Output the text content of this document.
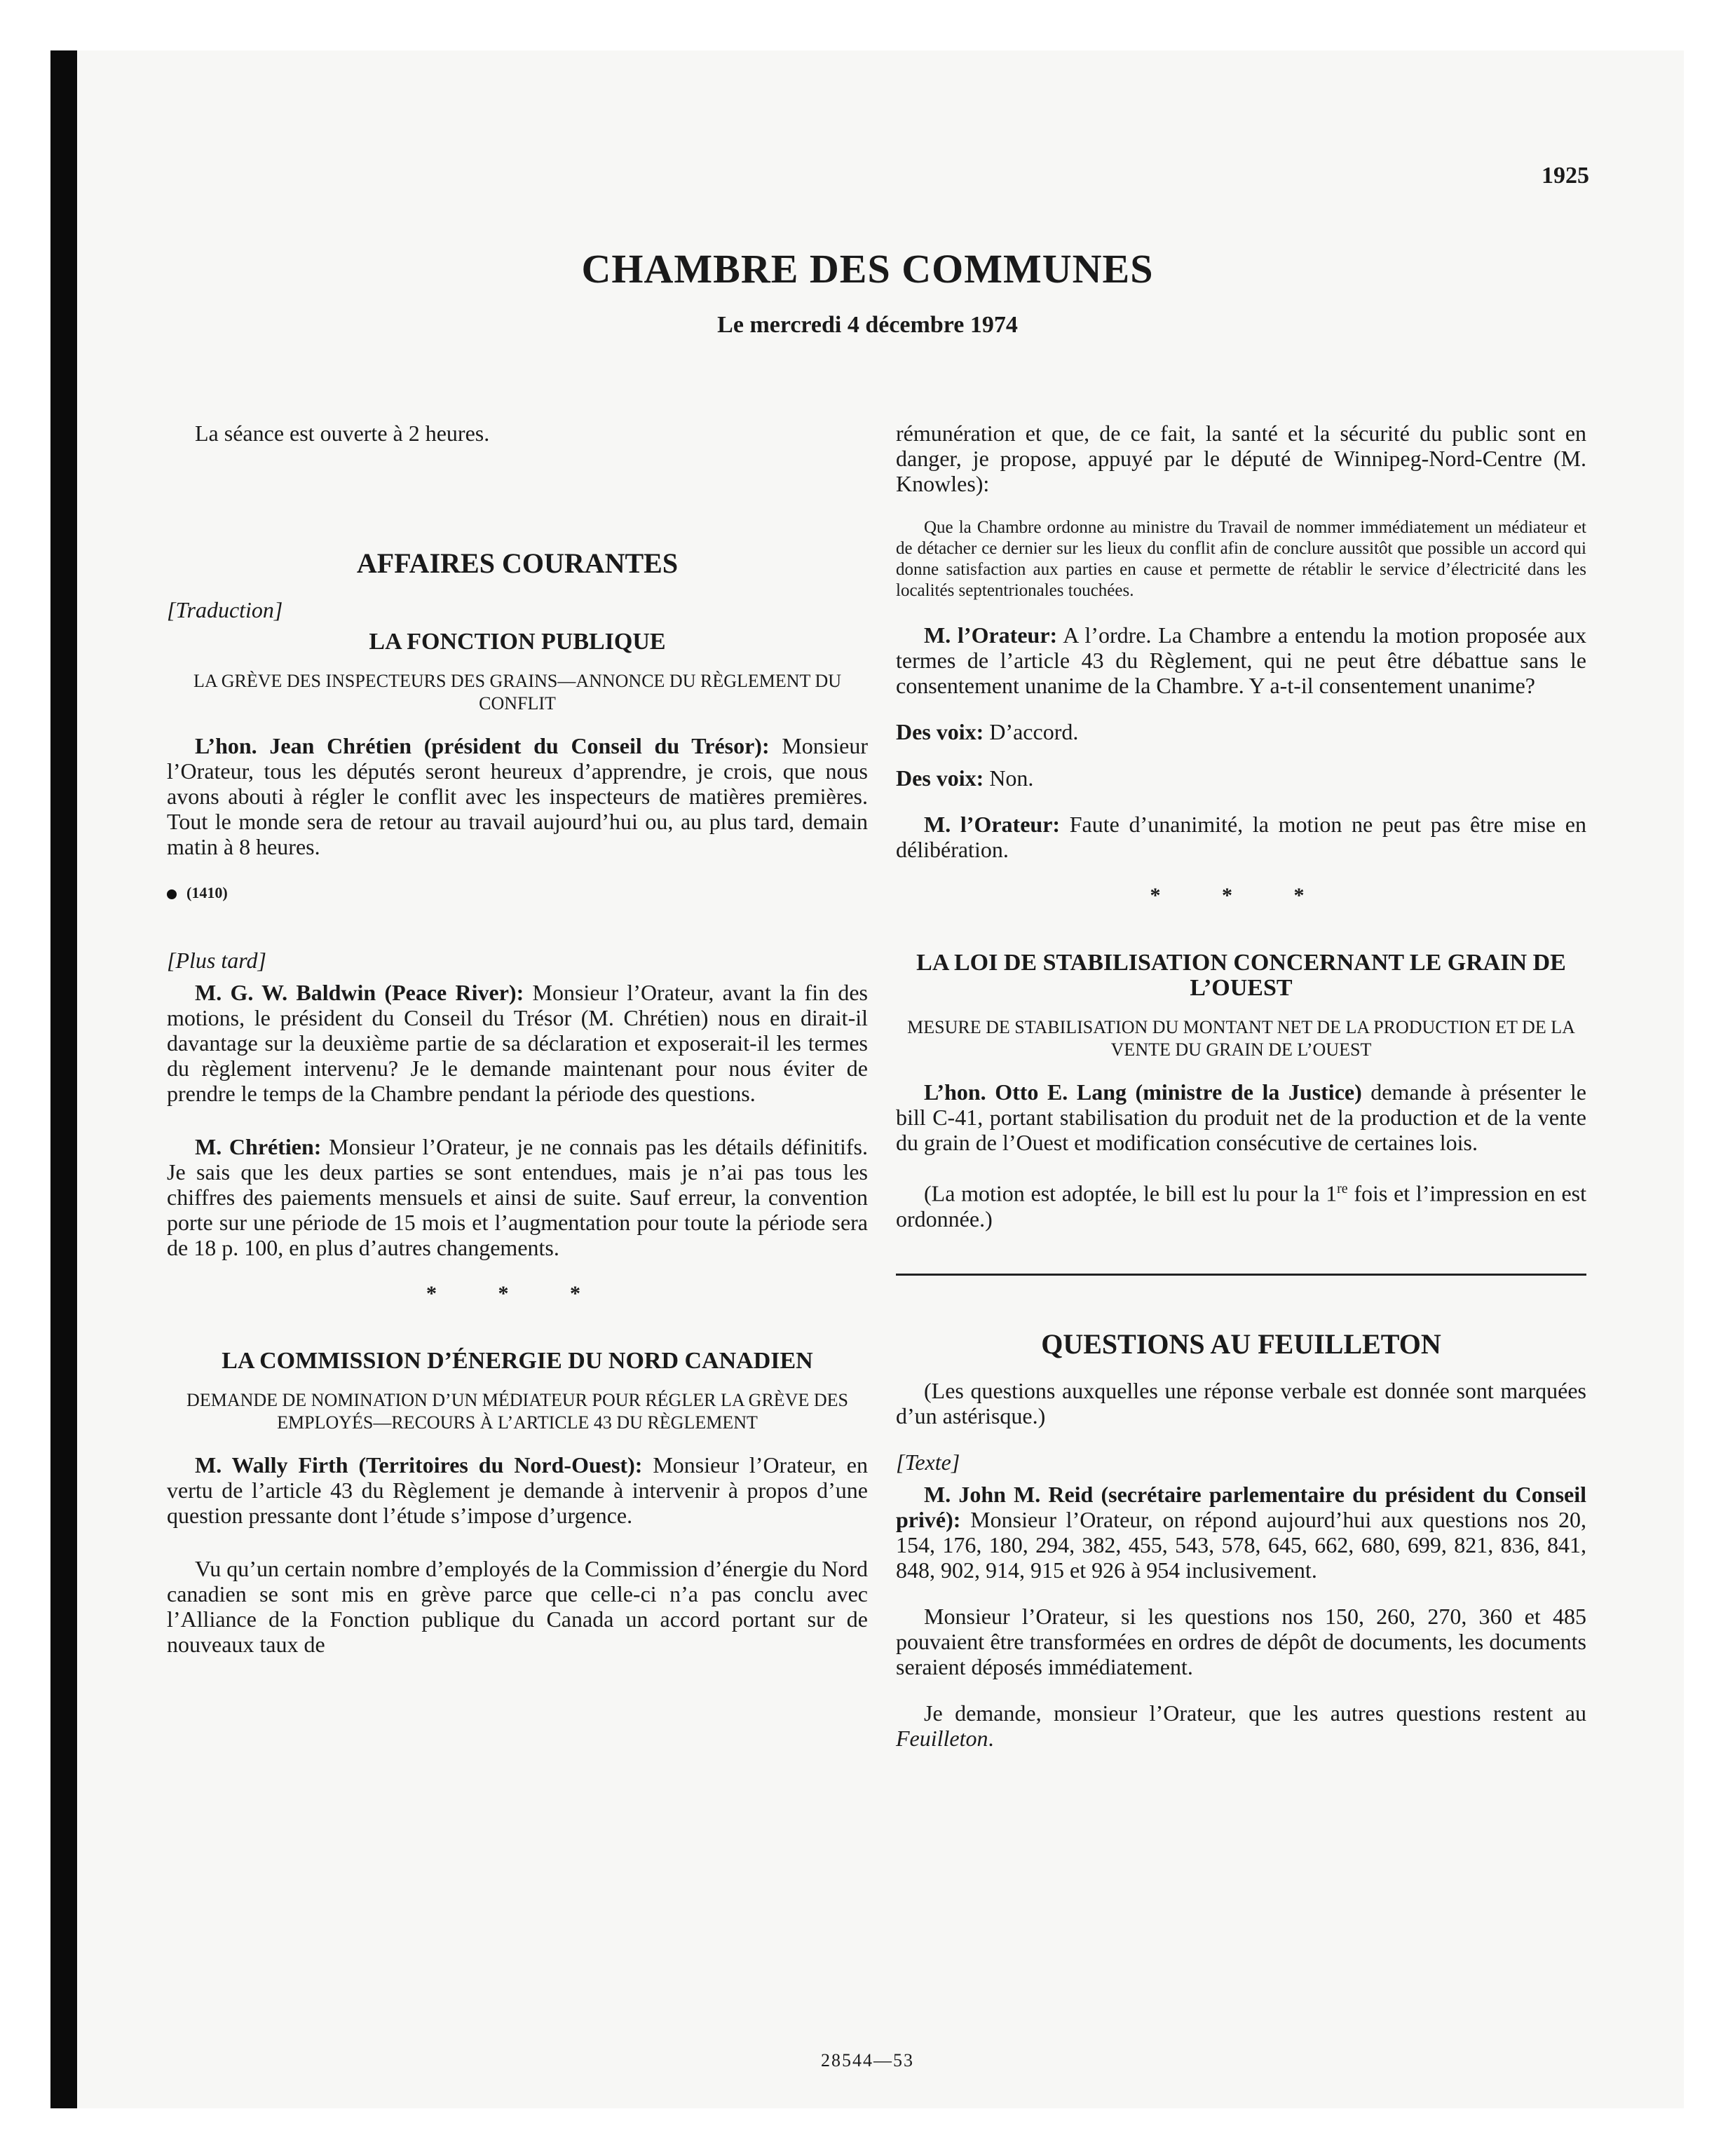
1925
CHAMBRE DES COMMUNES
Le mercredi 4 décembre 1974

La séance est ouverte à 2 heures.

AFFAIRES COURANTES
[Traduction]
LA FONCTION PUBLIQUE
LA GRÈVE DES INSPECTEURS DES GRAINS—ANNONCE DU RÈGLEMENT DU CONFLIT

L’hon. Jean Chrétien (président du Conseil du Trésor): Monsieur l’Orateur, tous les députés seront heureux d’apprendre, je crois, que nous avons abouti à régler le conflit avec les inspecteurs de matières premières. Tout le monde sera de retour au travail aujourd’hui ou, au plus tard, demain matin à 8 heures.

(1410)
[Plus tard]

M. G. W. Baldwin (Peace River): Monsieur l’Orateur, avant la fin des motions, le président du Conseil du Trésor (M. Chrétien) nous en dirait-il davantage sur la deuxième partie de sa déclaration et exposerait-il les termes du règlement intervenu? Je le demande maintenant pour nous éviter de prendre le temps de la Chambre pendant la période des questions.

M. Chrétien: Monsieur l’Orateur, je ne connais pas les détails définitifs. Je sais que les deux parties se sont entendues, mais je n’ai pas tous les chiffres des paiements mensuels et ainsi de suite. Sauf erreur, la convention porte sur une période de 15 mois et l’augmentation pour toute la période sera de 18 p. 100, en plus d’autres changements.

* * *
LA COMMISSION D’ÉNERGIE DU NORD CANADIEN
DEMANDE DE NOMINATION D’UN MÉDIATEUR POUR RÉGLER LA GRÈVE DES EMPLOYÉS—RECOURS À L’ARTICLE 43 DU RÈGLEMENT

M. Wally Firth (Territoires du Nord-Ouest): Monsieur l’Orateur, en vertu de l’article 43 du Règlement je demande à intervenir à propos d’une question pressante dont l’étude s’impose d’urgence.

Vu qu’un certain nombre d’employés de la Commission d’énergie du Nord canadien se sont mis en grève parce que celle-ci n’a pas conclu avec l’Alliance de la Fonction publique du Canada un accord portant sur de nouveaux taux de

rémunération et que, de ce fait, la santé et la sécurité du public sont en danger, je propose, appuyé par le député de Winnipeg-Nord-Centre (M. Knowles):

Que la Chambre ordonne au ministre du Travail de nommer immédiatement un médiateur et de détacher ce dernier sur les lieux du conflit afin de conclure aussitôt que possible un accord qui donne satisfaction aux parties en cause et permette de rétablir le service d’électricité dans les localités septentrionales touchées.

M. l’Orateur: A l’ordre. La Chambre a entendu la motion proposée aux termes de l’article 43 du Règlement, qui ne peut être débattue sans le consentement unanime de la Chambre. Y a-t-il consentement unanime?

Des voix: D’accord.

Des voix: Non.

M. l’Orateur: Faute d’unanimité, la motion ne peut pas être mise en délibération.

* * *
LA LOI DE STABILISATION CONCERNANT LE GRAIN DE L’OUEST
MESURE DE STABILISATION DU MONTANT NET DE LA PRODUCTION ET DE LA VENTE DU GRAIN DE L’OUEST

L’hon. Otto E. Lang (ministre de la Justice) demande à présenter le bill C-41, portant stabilisation du produit net de la production et de la vente du grain de l’Ouest et modification consécutive de certaines lois.

(La motion est adoptée, le bill est lu pour la 1re fois et l’impression en est ordonnée.)

QUESTIONS AU FEUILLETON

(Les questions auxquelles une réponse verbale est donnée sont marquées d’un astérisque.)

[Texte]

M. John M. Reid (secrétaire parlementaire du président du Conseil privé): Monsieur l’Orateur, on répond aujourd’hui aux questions nos 20, 154, 176, 180, 294, 382, 455, 543, 578, 645, 662, 680, 699, 821, 836, 841, 848, 902, 914, 915 et 926 à 954 inclusivement.

Monsieur l’Orateur, si les questions nos 150, 260, 270, 360 et 485 pouvaient être transformées en ordres de dépôt de documents, les documents seraient déposés immédiatement.

Je demande, monsieur l’Orateur, que les autres questions restent au Feuilleton.

28544—53
